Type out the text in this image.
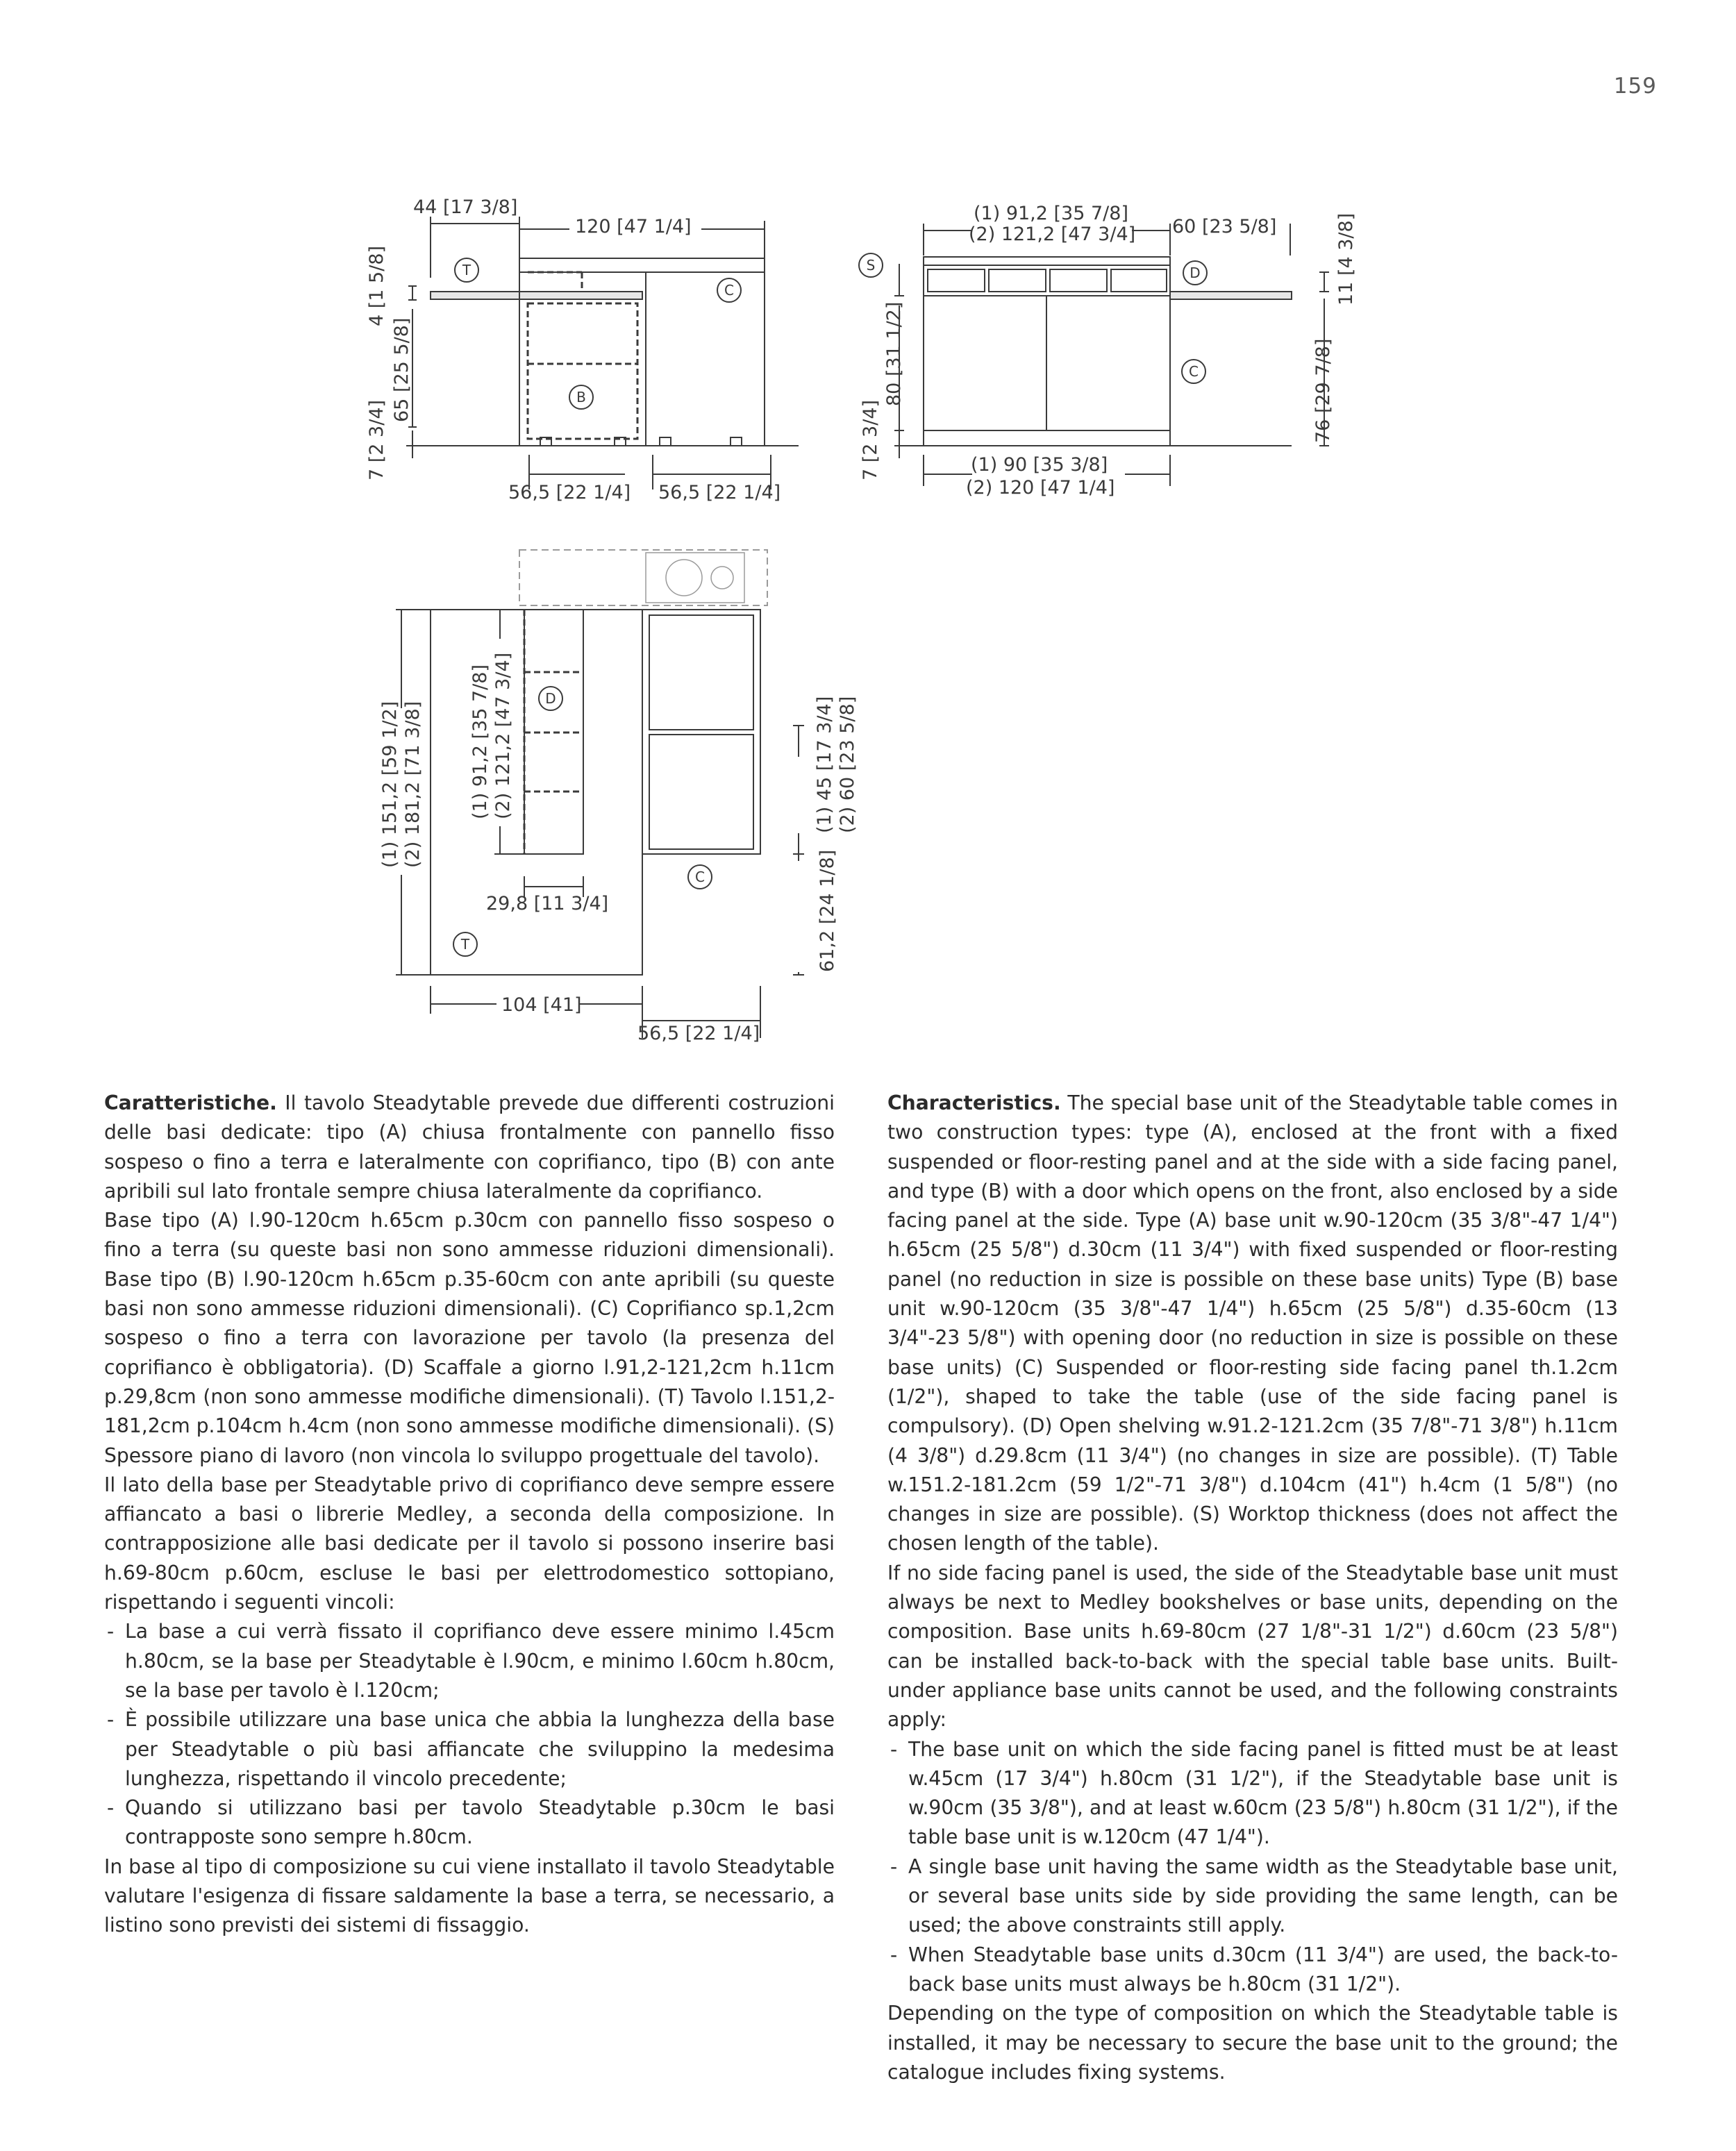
159
44 [17 3/8]
120 [47 1/4]
4 [1 5/8]
65 [25 5/8]
7 [2 3/4]
56,5 [22 1/4] 56,5 [22 1/4]
(1) 91,2 [35 7/8]
(2) 121,2 [47 3/4] 60 [23 5/8]
80 [31 1/2]
7 [2 3/4]
11 [4 3/8]
76 [29 7/8]
(1) 90 [35 3/8]
(2) 120 [47 1/4]
(1) 151,2 [59 1/2] (2) 181,2 [71 3/8] (1) 91,2 [35 7/8] (2) 121,2 [47 3/4]	(1) 45 [17 3/4] (2) 60 [23 5/8]
61,2 [24 1/8]
29,8 [11 3/4]
104 [41]
56,5 [22 1/4]
T
C
B
S	D
C
D
C
T

Caratteristiche. Il tavolo Steadytable prevede due differenti costruzioni delle basi dedicate: tipo (A) chiusa frontalmente con pannello fisso sospeso o fino a terra e lateralmente con coprifianco, tipo (B) con ante apribili sul lato frontale sempre chiusa lateralmente da coprifianco.

Base tipo (A) l.90-120cm h.65cm p.30cm con pannello fisso sospeso o fino a terra (su queste basi non sono ammesse riduzioni dimensionali). Base tipo (B) l.90-120cm h.65cm p.35-60cm con ante apribili (su queste basi non sono ammesse riduzioni dimensionali). (C) Coprifianco sp.1,2cm sospeso o fino a terra con lavorazione per tavolo (la presenza del coprifianco è obbligatoria). (D) Scaffale a giorno l.91,2-121,2cm h.11cm p.29,8cm (non sono ammesse modifiche dimensionali). (T) Tavolo l.151,2-181,2cm p.104cm h.4cm (non sono ammesse modifiche dimensionali). (S) Spessore piano di lavoro (non vincola lo sviluppo progettuale del tavolo).

Il lato della base per Steadytable privo di coprifianco deve sempre essere affiancato a basi o librerie Medley, a seconda della composizione. In contrapposizione alle basi dedicate per il tavolo si possono inserire basi h.69-80cm p.60cm, escluse le basi per elettrodomestico sottopiano, rispettando i seguenti vincoli:

- La base a cui verrà fissato il coprifianco deve essere minimo l.45cm h.80cm, se la base per Steadytable è l.90cm, e minimo l.60cm h.80cm, se la base per tavolo è l.120cm;
- È possibile utilizzare una base unica che abbia la lunghezza della base per Steadytable o più basi affiancate che sviluppino la medesima lunghezza, rispettando il vincolo precedente;
- Quando si utilizzano basi per tavolo Steadytable p.30cm le basi contrapposte sono sempre h.80cm.

In base al tipo di composizione su cui viene installato il tavolo Steadytable valutare l'esigenza di fissare saldamente la base a terra, se necessario, a listino sono previsti dei sistemi di fissaggio.

Characteristics. The special base unit of the Steadytable table comes in two construction types: type (A), enclosed at the front with a fixed suspended or floor-resting panel and at the side with a side facing panel, and type (B) with a door which opens on the front, also enclosed by a side facing panel at the side. Type (A) base unit w.90-120cm (35 3/8"-47 1/4") h.65cm (25 5/8") d.30cm (11 3/4") with fixed suspended or floor-resting panel (no reduction in size is possible on these base units) Type (B) base unit w.90-120cm (35 3/8"-47 1/4") h.65cm (25 5/8") d.35-60cm (13 3/4"-23 5/8") with opening door (no reduction in size is possible on these base units) (C) Suspended or floor-resting side facing panel th.1.2cm (1/2"), shaped to take the table (use of the side facing panel is compulsory). (D) Open shelving w.91.2-121.2cm (35 7/8"-71 3/8") h.11cm (4 3/8") d.29.8cm (11 3/4") (no changes in size are possible). (T) Table w.151.2-181.2cm (59 1/2"-71 3/8") d.104cm (41") h.4cm (1 5/8") (no changes in size are possible). (S) Worktop thickness (does not affect the chosen length of the table).

If no side facing panel is used, the side of the Steadytable base unit must always be next to Medley bookshelves or base units, depending on the composition. Base units h.69-80cm (27 1/8"-31 1/2") d.60cm (23 5/8") can be installed back-to-back with the special table base units. Built-under appliance base units cannot be used, and the following constraints apply:

- The base unit on which the side facing panel is fitted must be at least w.45cm (17 3/4") h.80cm (31 1/2"), if the Steadytable base unit is w.90cm (35 3/8"), and at least w.60cm (23 5/8") h.80cm (31 1/2"), if the table base unit is w.120cm (47 1/4").
- A single base unit having the same width as the Steadytable base unit, or several base units side by side providing the same length, can be used; the above constraints still apply.
- When Steadytable base units d.30cm (11 3/4") are used, the back-to-back base units must always be h.80cm (31 1/2").

Depending on the type of composition on which the Steadytable table is installed, it may be necessary to secure the base unit to the ground; the catalogue includes fixing systems.
